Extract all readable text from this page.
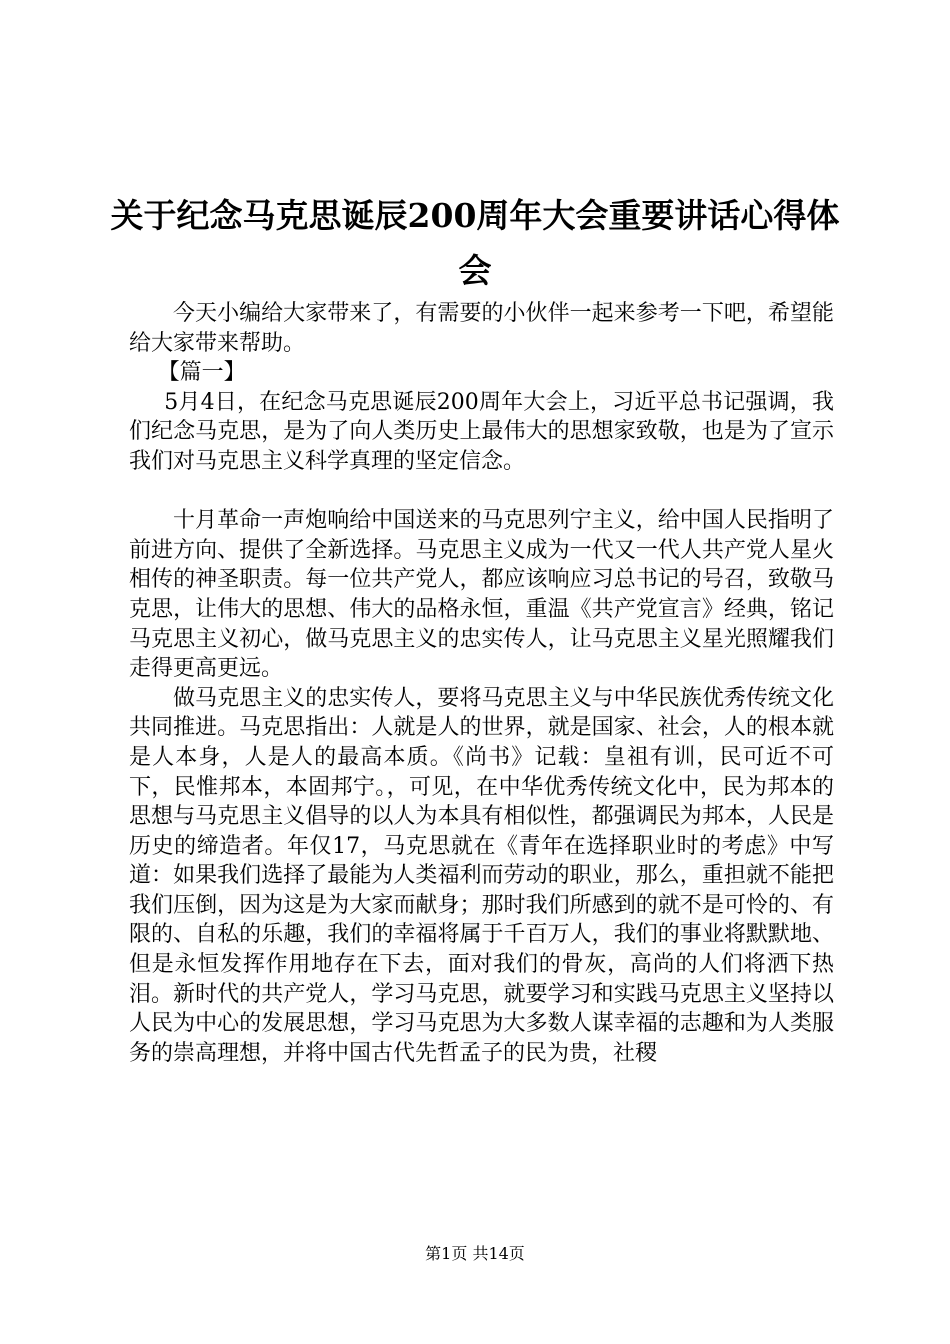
关于纪念马克思诞辰200周年大会重要讲话心得体会

今天小编给大家带来了，有需要的小伙伴一起来参考一下吧，希望能给大家带来帮助。

【篇一】

5月4日，在纪念马克思诞辰200周年大会上，习近平总书记强调，我们纪念马克思，是为了向人类历史上最伟大的思想家致敬，也是为了宣示我们对马克思主义科学真理的坚定信念。

十月革命一声炮响给中国送来的马克思列宁主义，给中国人民指明了前进方向、提供了全新选择。马克思主义成为一代又一代人共产党人星火相传的神圣职责。每一位共产党人，都应该响应习总书记的号召，致敬马克思，让伟大的思想、伟大的品格永恒，重温《共产党宣言》经典，铭记马克思主义初心，做马克思主义的忠实传人，让马克思主义星光照耀我们走得更高更远。

做马克思主义的忠实传人，要将马克思主义与中华民族优秀传统文化共同推进。马克思指出：人就是人的世界，就是国家、社会，人的根本就是人本身，人是人的最高本质。《尚书》记载：皇祖有训，民可近不可下，民惟邦本，本固邦宁。，可见，在中华优秀传统文化中，民为邦本的思想与马克思主义倡导的以人为本具有相似性，都强调民为邦本，人民是历史的缔造者。年仅17，马克思就在《青年在选择职业时的考虑》中写道：如果我们选择了最能为人类福利而劳动的职业，那么，重担就不能把我们压倒，因为这是为大家而献身；那时我们所感到的就不是可怜的、有限的、自私的乐趣，我们的幸福将属于千百万人，我们的事业将默默地、但是永恒发挥作用地存在下去，面对我们的骨灰，高尚的人们将洒下热泪。新时代的共产党人，学习马克思，就要学习和实践马克思主义坚持以人民为中心的发展思想，学习马克思为大多数人谋幸福的志趣和为人类服务的崇高理想，并将中国古代先哲孟子的民为贵，社稷

第1页 共14页
